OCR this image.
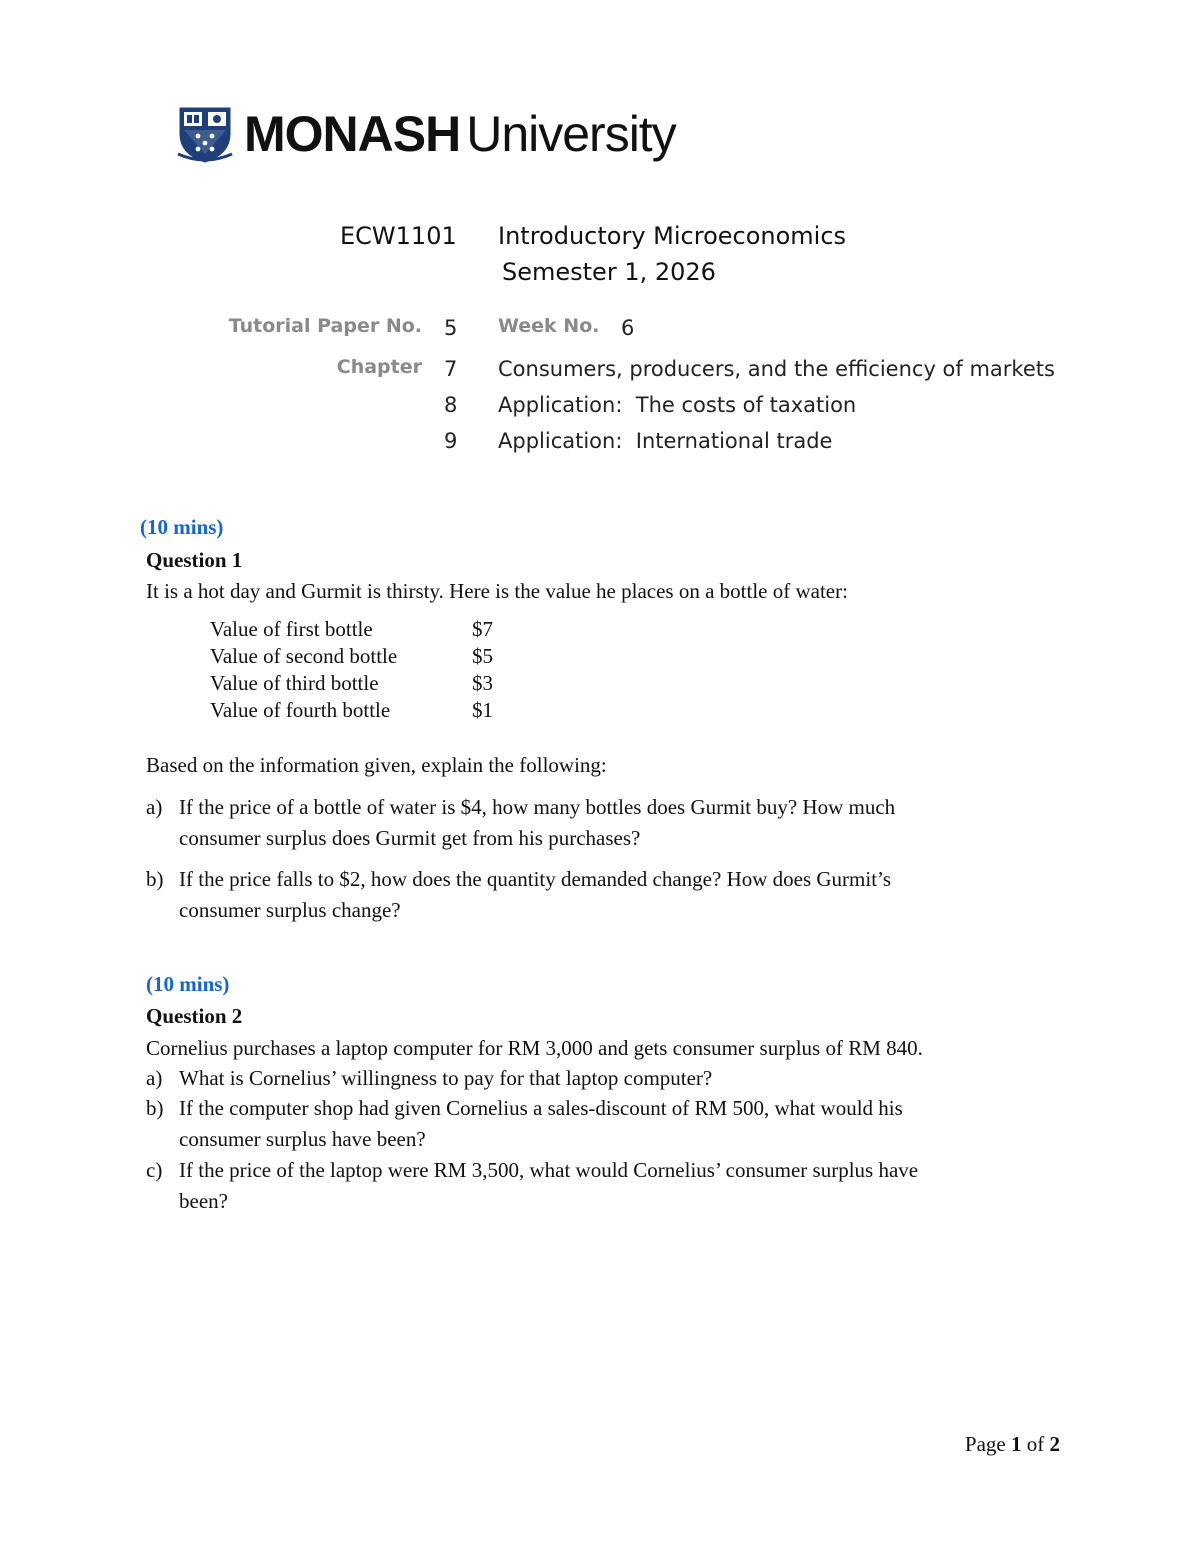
MONASH University
ECW1101 Introductory Microeconomics
Semester 1, 2026
Tutorial Paper No. 5 Week No. 6
Chapter 7 Consumers, producers, and the efficiency of markets
8 Application:  The costs of taxation
9 Application:  International trade
(10 mins)
Question 1
It is a hot day and Gurmit is thirsty. Here is the value he places on a bottle of water:
Value of first bottle	$7
Value of second bottle	$5
Value of third bottle	$3
Value of fourth bottle	$1
Based on the information given, explain the following:
a) If the price of a bottle of water is $4, how many bottles does Gurmit buy? How much
consumer surplus does Gurmit get from his purchases?
b) If the price falls to $2, how does the quantity demanded change? How does Gurmit’s
consumer surplus change?
(10 mins)
Question 2
Cornelius purchases a laptop computer for RM 3,000 and gets consumer surplus of RM 840.
a) What is Cornelius’ willingness to pay for that laptop computer?
b) If the computer shop had given Cornelius a sales-discount of RM 500, what would his
consumer surplus have been?
c) If the price of the laptop were RM 3,500, what would Cornelius’ consumer surplus have
been?
Page 1 of 2
